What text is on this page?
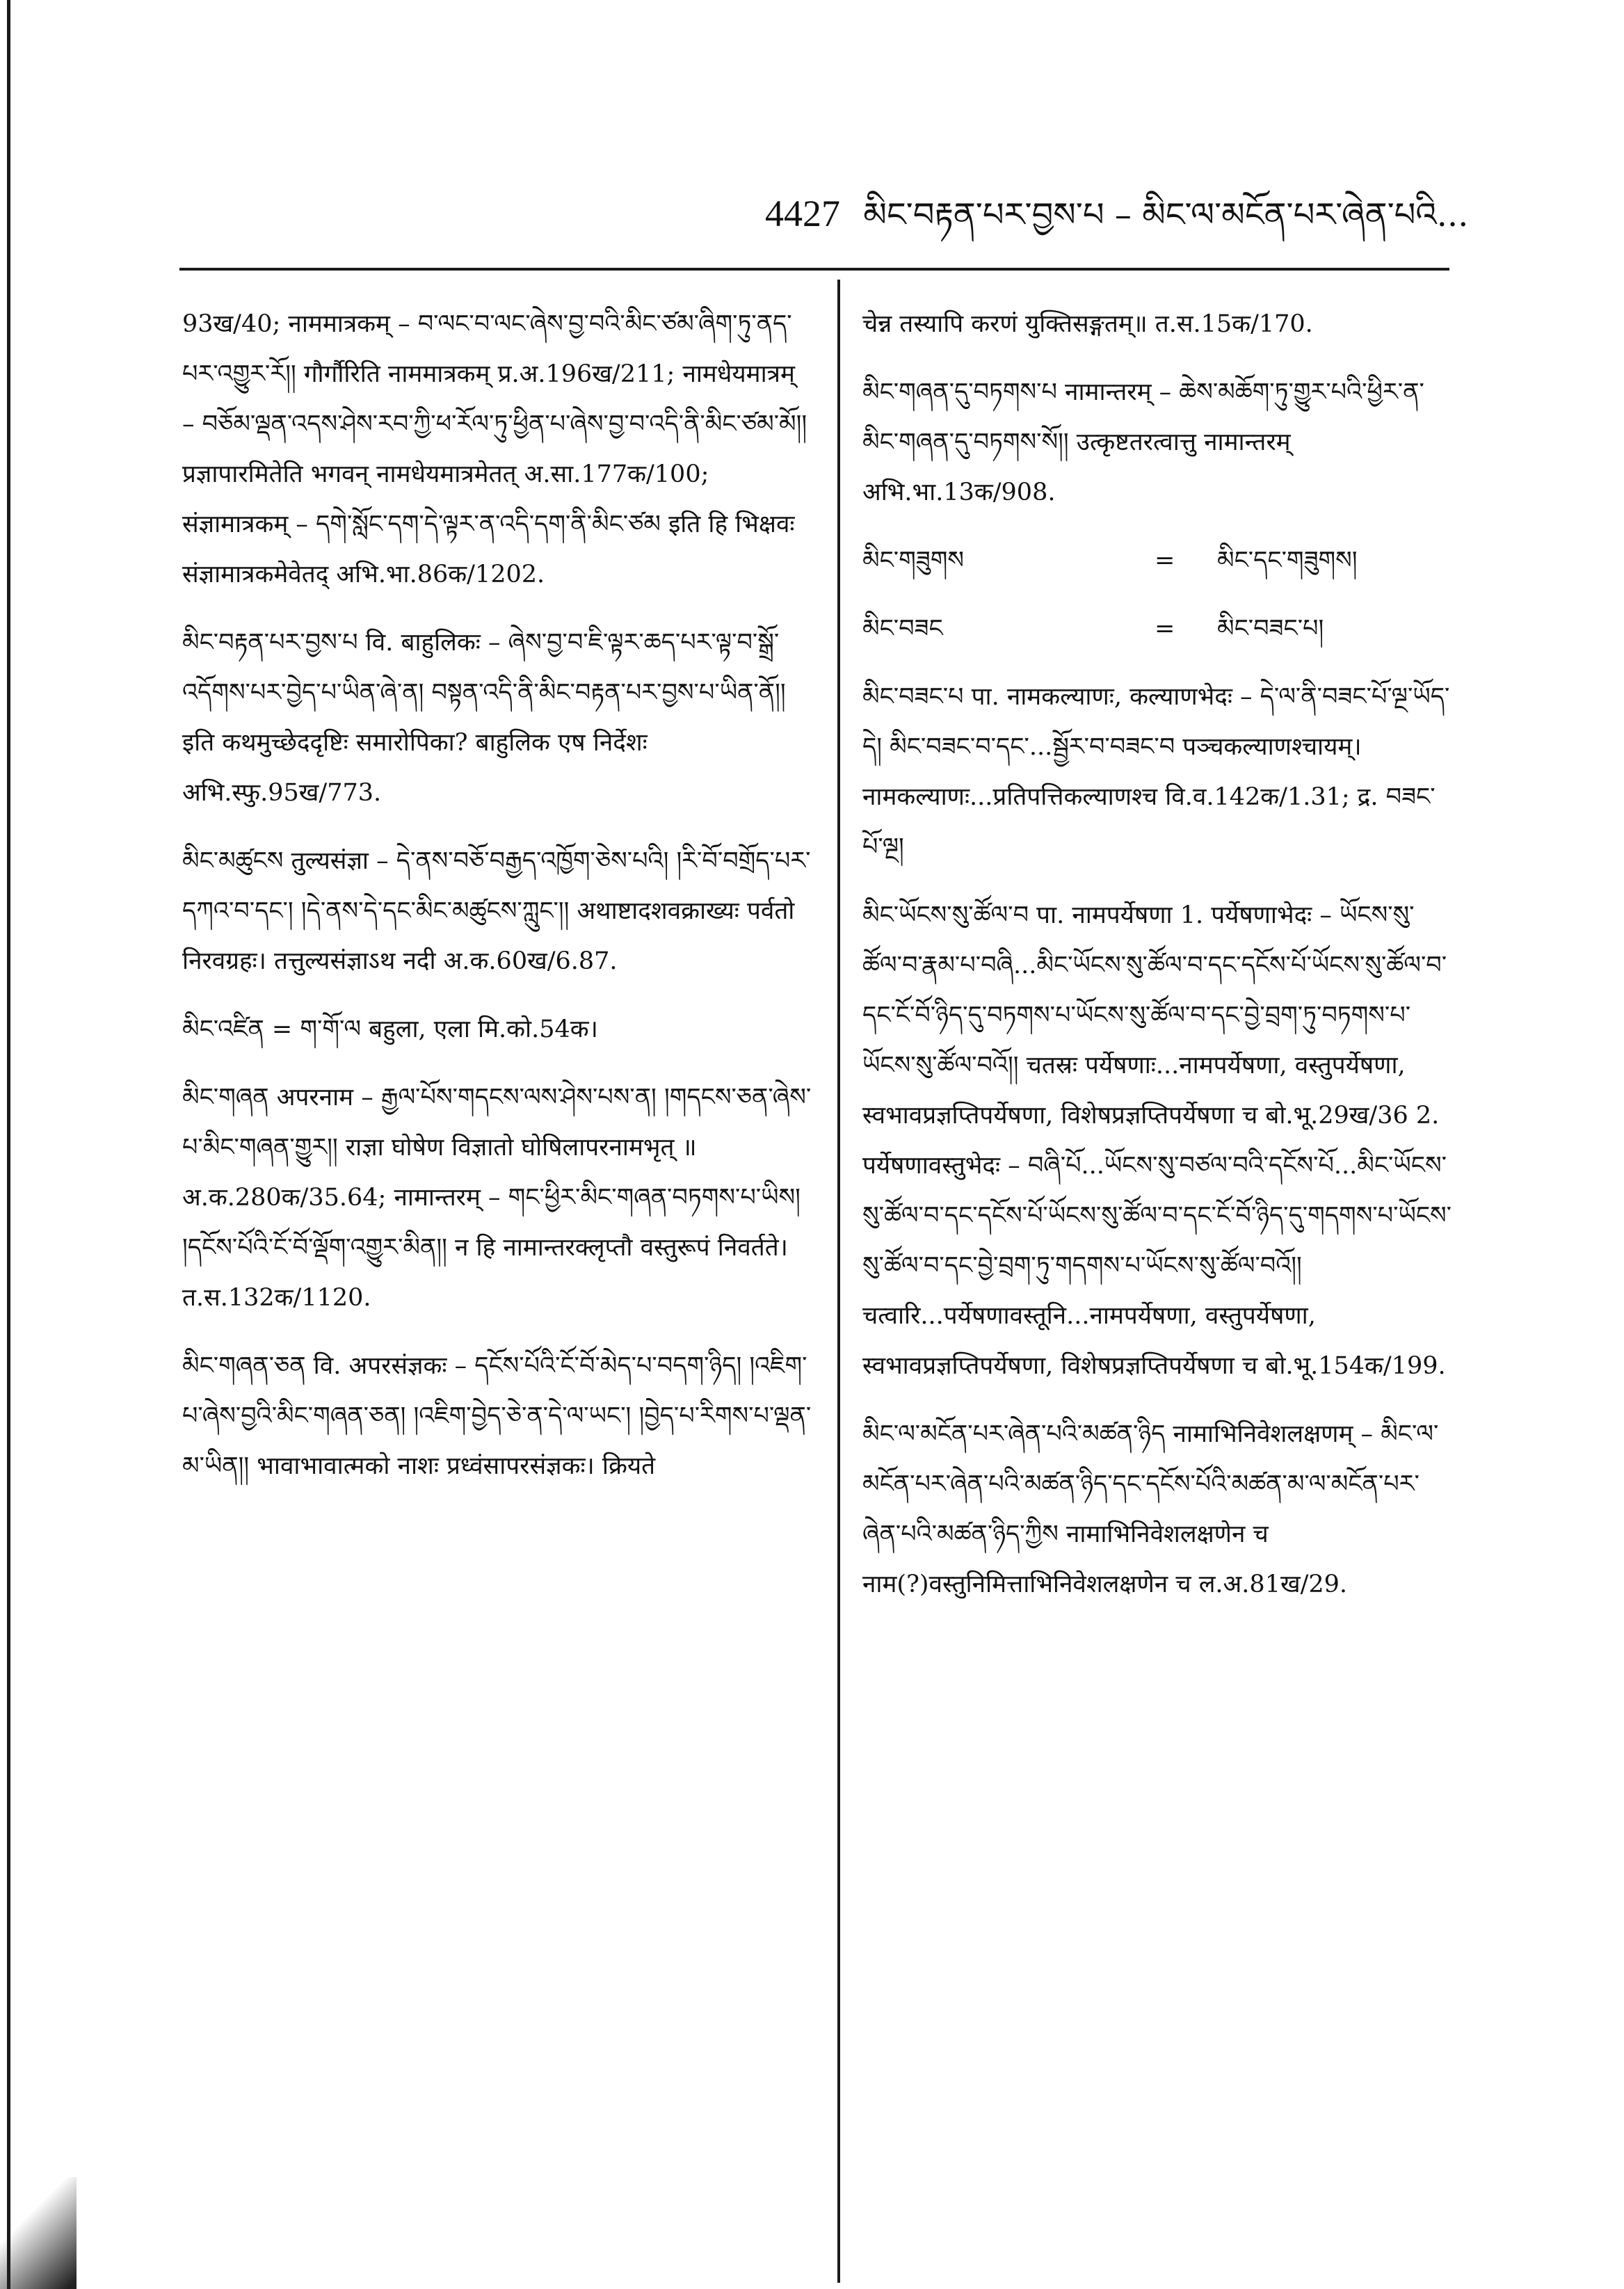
4427 མིང་བརྟན་པར་བྱས་པ – མིང་ལ་མངོན་པར་ཞེན་པའི...

93ख/40; नाममात्रकम् – བ་ལང་བ་ལང་ཞེས་བྱ་བའི་མིང་ཙམ་ཞིག་ཏུ་ནད་པར་འགྱུར་རོ།། गौर्गौरिति नाममात्रकम् प्र.अ.196ख/211; नामधेयमात्रम् – བཅོམ་ལྡན་འདས་ཤེས་རབ་ཀྱི་ཕ་རོལ་ཏུ་ཕྱིན་པ་ཞེས་བྱ་བ་འདི་ནི་མིང་ཙམ་མོ།། प्रज्ञापारमितेति भगवन् नामधेयमात्रमेतत् अ.सा.177क/100; संज्ञामात्रकम् – དགེ་སློང་དག་དེ་ལྟར་ན་འདི་དག་ནི་མིང་ཙམ इति हि भिक्षवः संज्ञामात्रकमेवेतद् अभि.भा.86क/1202.

མིང་བརྟན་པར་བྱས་པ वि. बाहुलिकः – ཞེས་བྱ་བ་ཇི་ལྟར་ཆད་པར་ལྟ་བ་སྒྲོ་འདོགས་པར་བྱེད་པ་ཡིན་ཞེ་ན། བསྟན་འདི་ནི་མིང་བརྟན་པར་བྱས་པ་ཡིན་ནོ།། इति कथमुच्छेददृष्टिः समारोपिका? बाहुलिक एष निर्देशः अभि.स्फु.95ख/773.

མིང་མཚུངས तुल्यसंज्ञा – དེ་ནས་བཅོ་བརྒྱད་འཁྱོག་ཅེས་པའི། །རི་བོ་བགྲོད་པར་དཀའ་བ་དང་། །དེ་ནས་དེ་དང་མིང་མཚུངས་ཀླུང་།། अथाष्टादशवक्राख्यः पर्वतो निरवग्रहः। तत्तुल्यसंज्ञाऽथ नदी अ.क.60ख/6.87.

མིང་འཛིན = ག་གོ་ལ बहुला, एला मि.को.54क।

མིང་གཞན अपरनाम – རྒྱལ་པོས་གདངས་ལས་ཤེས་པས་ན། །གདངས་ཅན་ཞེས་པ་མིང་གཞན་གྱུར།། राज्ञा घोषेण विज्ञातो घोषिलापरनामभृत् ॥ अ.क.280क/35.64; नामान्तरम् – གང་ཕྱིར་མིང་གཞན་བཏགས་པ་ཡིས། །དངོས་པོའི་ངོ་བོ་ལྡོག་འགྱུར་མིན།། न हि नामान्तरक्लृप्तौ वस्तुरूपं निवर्तते। त.स.132क/1120.

མིང་གཞན་ཅན वि. अपरसंज्ञकः – དངོས་པོའི་ངོ་བོ་མེད་པ་བདག་ཉིད། །འཇིག་པ་ཞེས་བྱའི་མིང་གཞན་ཅན། །འཇིག་བྱེད་ཅེ་ན་དེ་ལ་ཡང་། །བྱེད་པ་རིགས་པ་ལྡན་མ་ཡིན།། भावाभावात्मको नाशः प्रध्वंसापरसंज्ञकः। क्रियते

चेन्न तस्यापि करणं युक्तिसङ्गतम्॥ त.स.15क/170.

མིང་གཞན་དུ་བཏགས་པ नामान्तरम् – ཆེས་མཆོག་ཏུ་གྱུར་པའི་ཕྱིར་ན་མིང་གཞན་དུ་བཏགས་སོ།། उत्कृष्टतरत्वात्तु नामान्तरम् अभि.भा.13क/908.

མིང་གཟུགས	=	མིང་དང་གཟུགས།

མིང་བཟང	=	མིང་བཟང་པ།

མིང་བཟང་པ पा. नामकल्याणः, कल्याणभेदः – དེ་ལ་ནི་བཟང་པོ་ལྔ་ཡོད་དེ། མིང་བཟང་བ་དང་...སྦྱོར་བ་བཟང་བ पञ्चकल्याणश्चायम्। नामकल्याणः...प्रतिपत्तिकल्याणश्च वि.व.142क/1.31; द्र. བཟང་པོ་ལྔ།

མིང་ཡོངས་སུ་ཚོལ་བ पा. नामपर्येषणा 1. पर्येषणाभेदः – ཡོངས་སུ་ཚོལ་བ་རྣམ་པ་བཞི...མིང་ཡོངས་སུ་ཚོལ་བ་དང་དངོས་པོ་ཡོངས་སུ་ཚོལ་བ་དང་ངོ་བོ་ཉིད་དུ་བཏགས་པ་ཡོངས་སུ་ཚོལ་བ་དང་བྱེ་བྲག་ཏུ་བཏགས་པ་ཡོངས་སུ་ཚོལ་བའོ།། चतस्रः पर्येषणाः...नामपर्येषणा, वस्तुपर्येषणा, स्वभावप्रज्ञप्तिपर्येषणा, विशेषप्रज्ञप्तिपर्येषणा च बो.भू.29ख/36 2. पर्येषणावस्तुभेदः – བཞི་པོ...ཡོངས་སུ་བཙལ་བའི་དངོས་པོ...མིང་ཡོངས་སུ་ཚོལ་བ་དང་དངོས་པོ་ཡོངས་སུ་ཚོལ་བ་དང་ངོ་བོ་ཉིད་དུ་གདགས་པ་ཡོངས་སུ་ཚོལ་བ་དང་བྱེ་བྲག་ཏུ་གདགས་པ་ཡོངས་སུ་ཚོལ་བའོ།། चत्वारि...पर्येषणावस्तूनि...नामपर्येषणा, वस्तुपर्येषणा, स्वभावप्रज्ञप्तिपर्येषणा, विशेषप्रज्ञप्तिपर्येषणा च बो.भू.154क/199.

མིང་ལ་མངོན་པར་ཞེན་པའི་མཚན་ཉིད नामाभिनिवेशलक्षणम् – མིང་ལ་མངོན་པར་ཞེན་པའི་མཚན་ཉིད་དང་དངོས་པོའི་མཚན་མ་ལ་མངོན་པར་ཞེན་པའི་མཚན་ཉིད་ཀྱིས नामाभिनिवेशलक्षणेन च नाम(?)वस्तुनिमित्ताभिनिवेशलक्षणेन च ल.अ.81ख/29.
